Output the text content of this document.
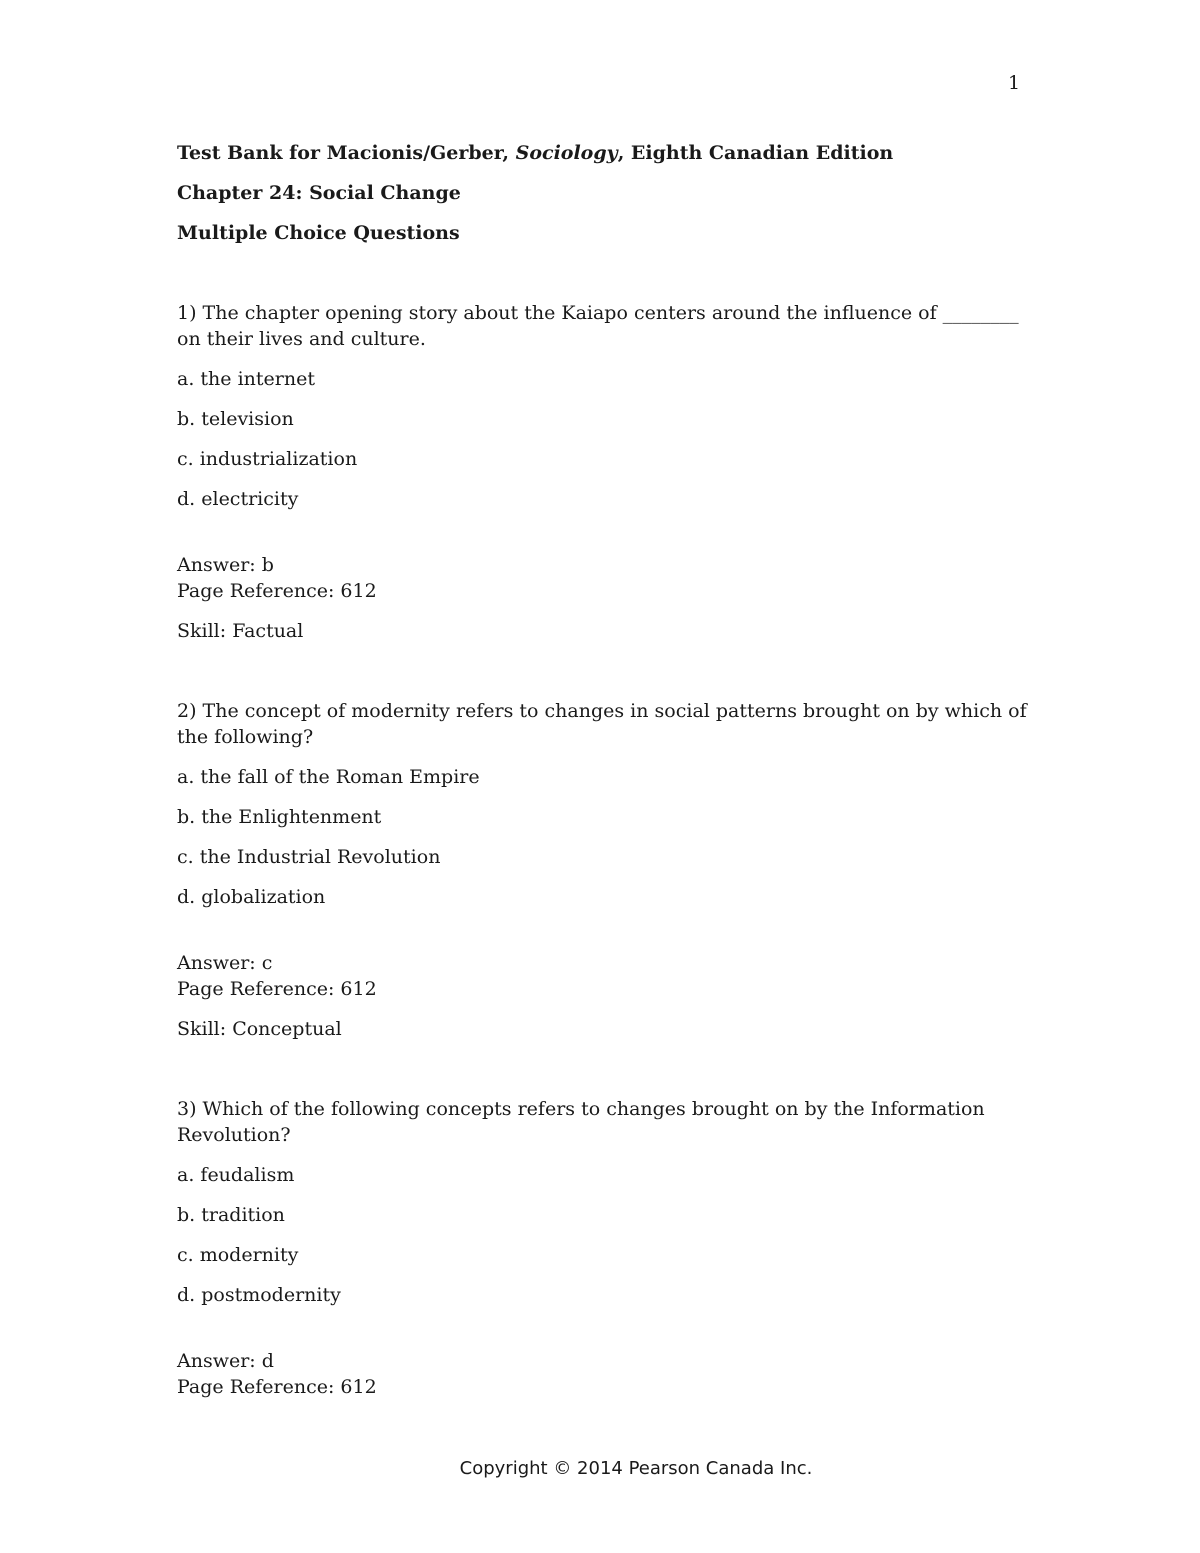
1

Test Bank for Macionis/Gerber, Sociology, Eighth Canadian Edition

Chapter 24: Social Change

Multiple Choice Questions

1) The chapter opening story about the Kaiapo centers around the influence of ________ on their lives and culture.

a. the internet

b. television

c. industrialization

d. electricity

Answer: b

Page Reference: 612

Skill: Factual

2) The concept of modernity refers to changes in social patterns brought on by which of the following?

a. the fall of the Roman Empire

b. the Enlightenment

c. the Industrial Revolution

d. globalization

Answer: c

Page Reference: 612

Skill: Conceptual

3) Which of the following concepts refers to changes brought on by the Information Revolution?

a. feudalism

b. tradition

c. modernity

d. postmodernity

Answer: d

Page Reference: 612

Copyright © 2014 Pearson Canada Inc.
